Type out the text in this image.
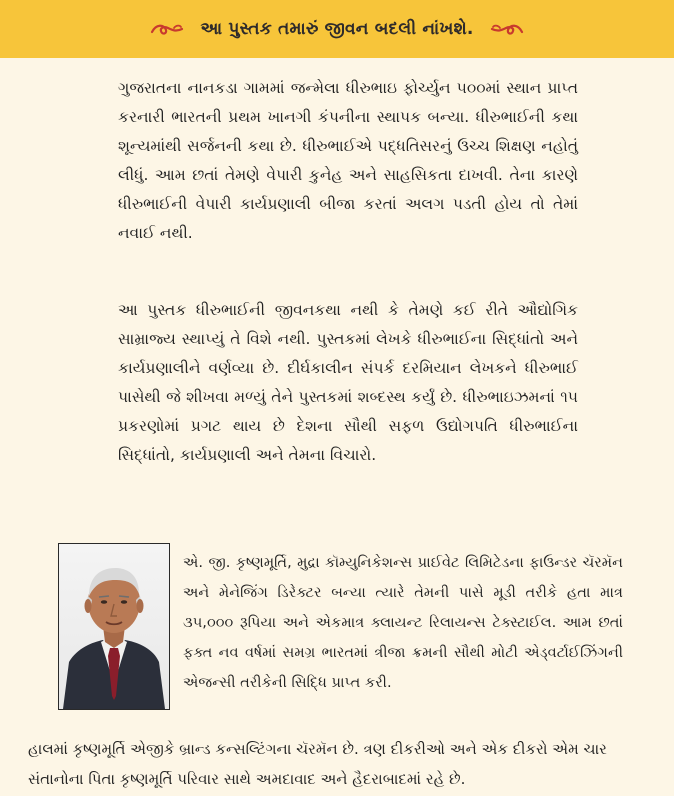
આ પુસ્તક તમારું જીવન બદલી નાંખશે.

ગુજરાતના નાનકડા ગામમાં જન્મેલા ધીરુભાઇ ફોર્ચ્યુન ૫૦૦માં સ્થાન પ્રાપ્ત કરનારી ભારતની પ્રથમ ખાનગી કંપનીના સ્થાપક બન્યા. ધીરુભાઈની કથા શૂન્યમાંથી સર્જનની કથા છે. ધીરુભાઈએ પદ્ધતિસરનું ઉચ્ચ શિક્ષણ નહોતું લીધું. આમ છતાં તેમણે વેપારી કુનેહ અને સાહસિકતા દાખવી. તેના કારણે ધીરુભાઈની વેપારી કાર્યપ્રણાલી બીજા કરતાં અલગ પડતી હોય તો તેમાં નવાઈ નથી.

આ પુસ્તક ધીરુભાઈની જીવનકથા નથી કે તેમણે કઈ રીતે ઔદ્યોગિક સામ્રાજ્ય સ્થાપ્યું તે વિશે નથી. પુસ્તકમાં લેખકે ધીરુભાઈના સિદ્ધાંતો અને કાર્યપ્રણાલીને વર્ણવ્યા છે. દીર્ઘકાલીન સંપર્ક દરમિયાન લેખકને ધીરુભાઈ પાસેથી જે શીખવા મળ્યું તેને પુસ્તકમાં શબ્દસ્થ કર્યું છે. ધીરુભાઇઝમનાં ૧૫ પ્રકરણોમાં પ્રગટ થાય છે દેશના સૌથી સફળ ઉદ્યોગપતિ ધીરુભાઈના સિદ્ધાંતો, કાર્યપ્રણાલી અને તેમના વિચારો.

એ. જી. કૃષ્ણમૂર્તિ, મુદ્રા કૉમ્યુનિકેશન્સ પ્રાઈવેટ લિમિટેડના ફાઉન્ડર ચૅરમૅન અને મેનેજિંગ ડિરેક્ટર બન્યા ત્યારે તેમની પાસે મૂડી તરીકે હતા માત્ર ૩૫,૦૦૦ રૂપિયા અને એકમાત્ર ક્લાયન્ટ રિલાયન્સ ટેક્સ્ટાઈલ. આમ છતાં ફક્ત નવ વર્ષમાં સમગ્ર ભારતમાં ત્રીજા ક્રમની સૌથી મોટી એડ્વર્ટાઈઝિંગની એજન્સી તરીકેની સિદ્ધિ પ્રાપ્ત કરી.

હાલમાં કૃષ્ણમૂર્તિ એજીકે બ્રાન્ડ કન્સલ્ટિંગના ચૅરમૅન છે. ત્રણ દીકરીઓ અને એક દીકરો એમ ચાર સંતાનોના પિતા કૃષ્ણમૂર્તિ પરિવાર સાથે અમદાવાદ અને હૈદરાબાદમાં રહે છે.
